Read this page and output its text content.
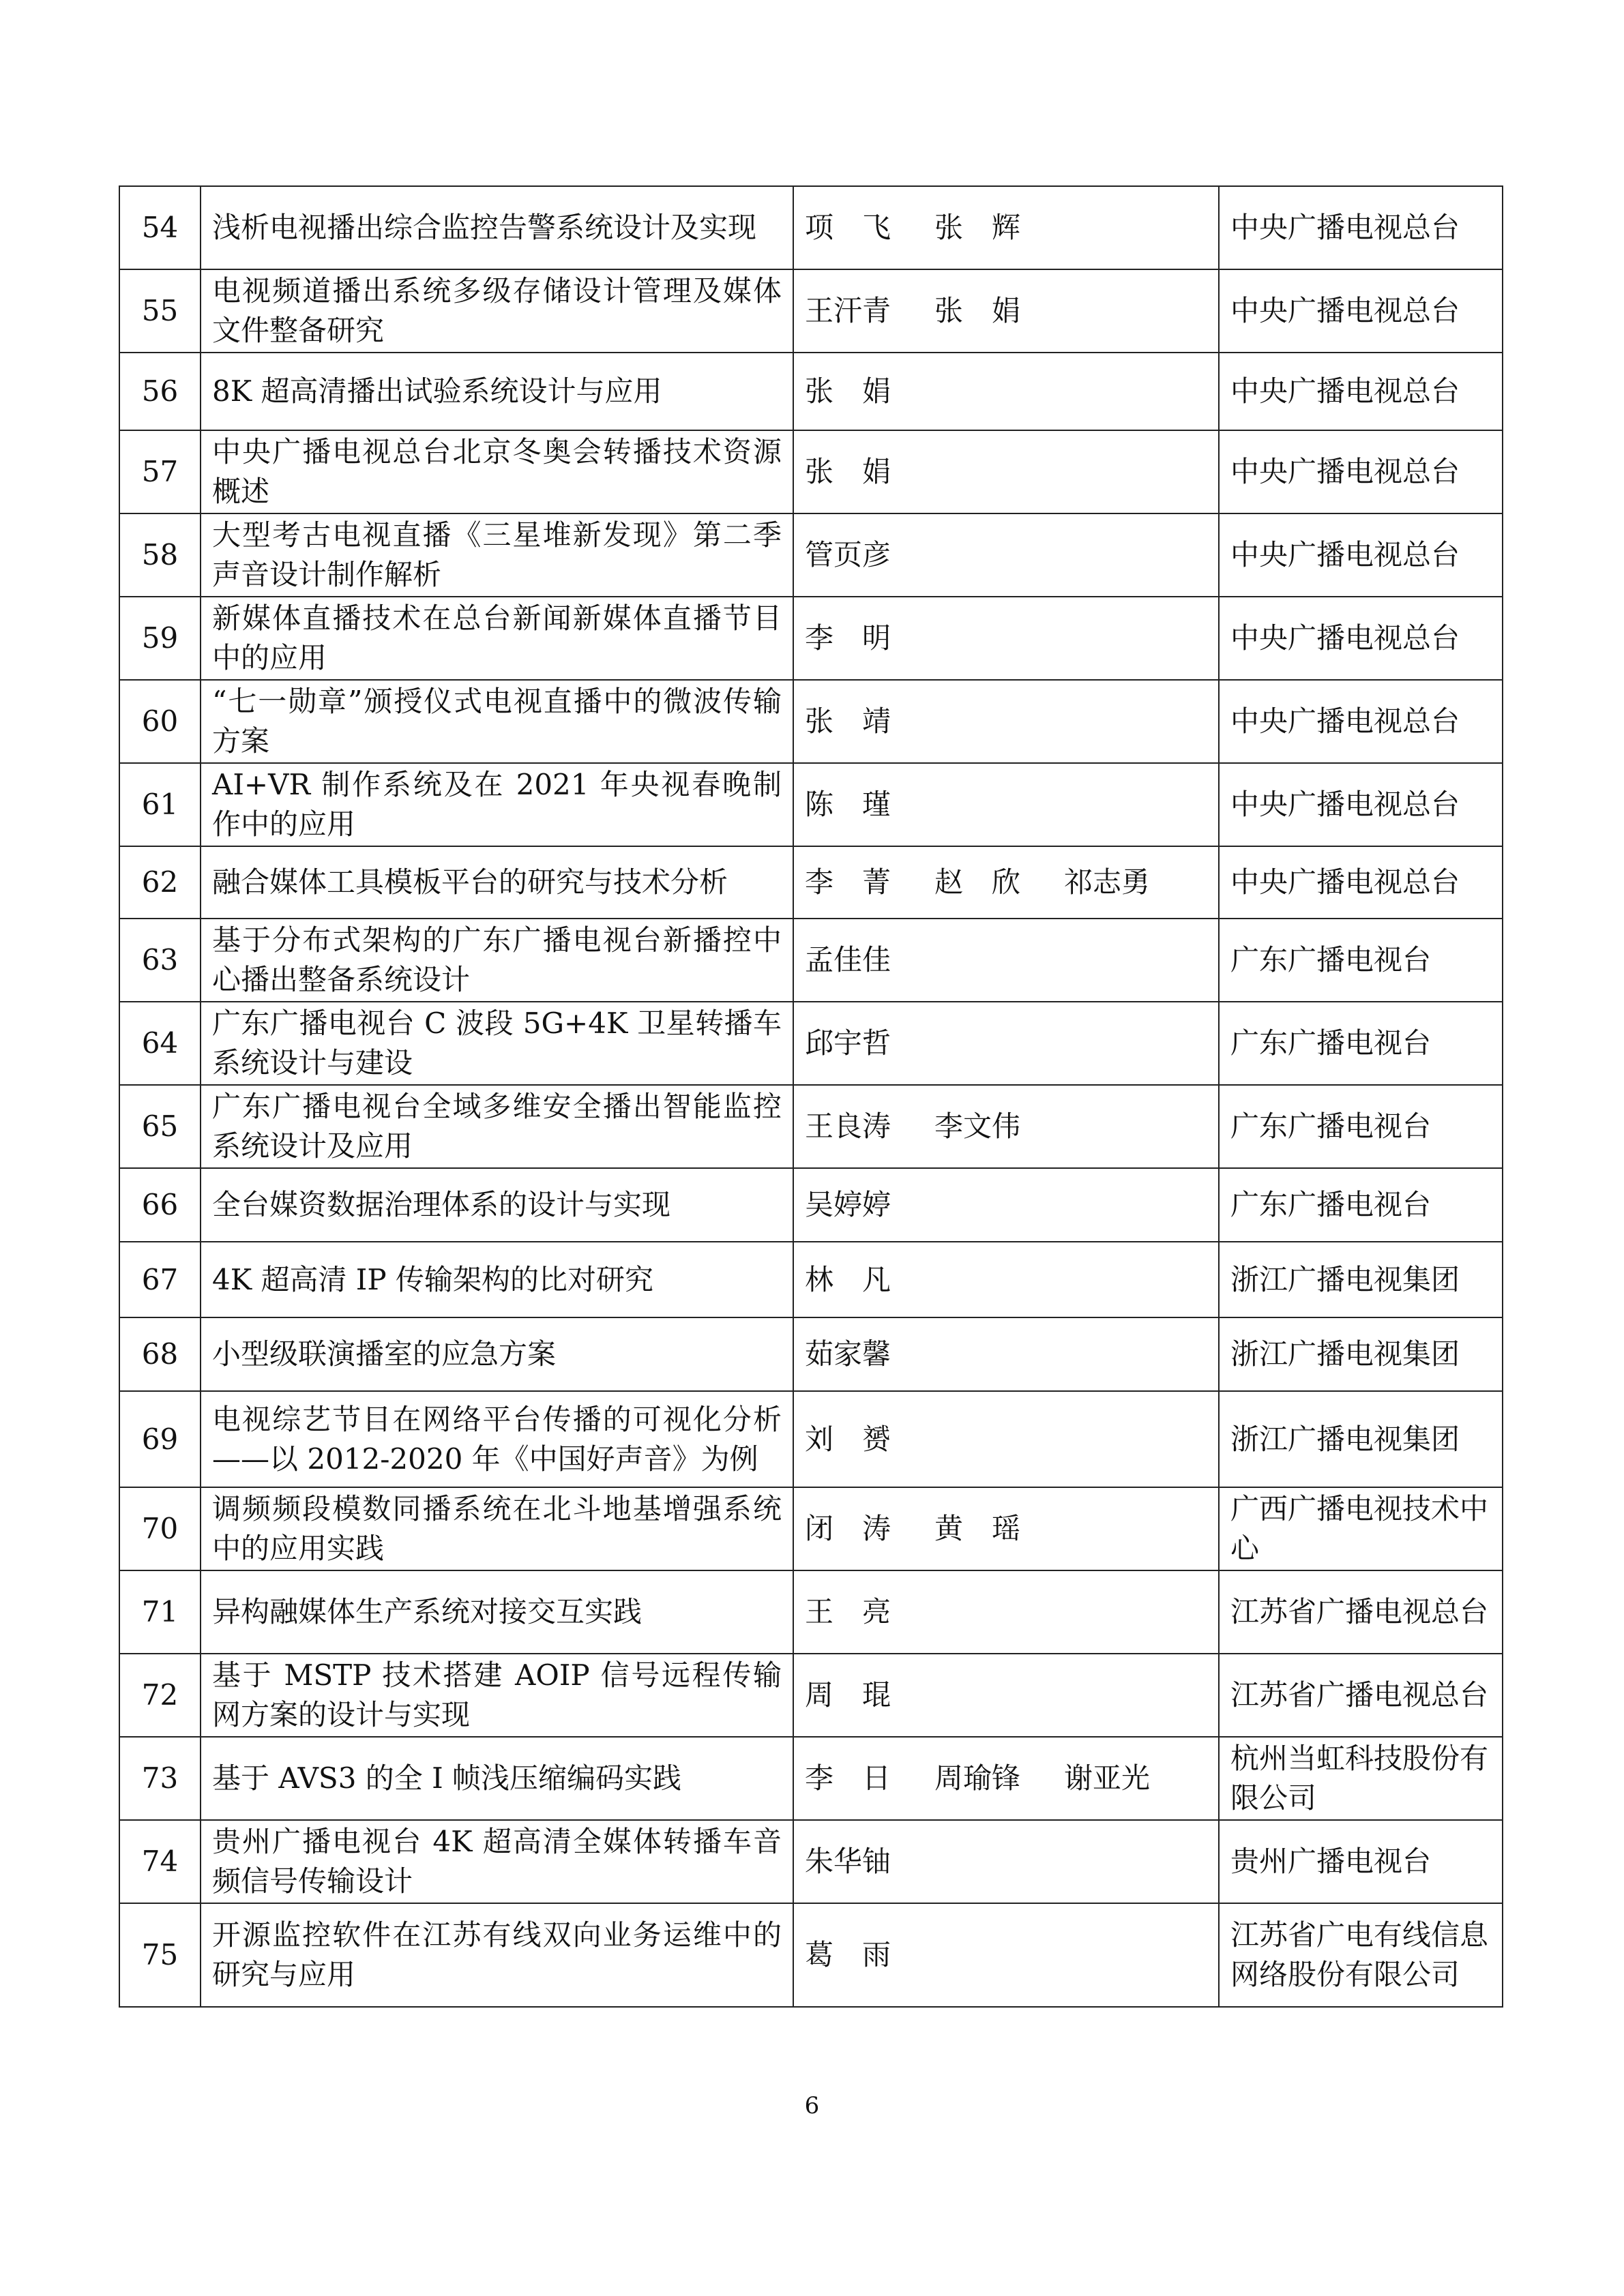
54	浅析电视播出综合监控告警系统设计及实现	项　飞 张　辉	中央广播电视总台
55	电视频道播出系统多级存储设计管理及媒体文件整备研究	王汗青 张　娟	中央广播电视总台
56	8K 超高清播出试验系统设计与应用	张　娟	中央广播电视总台
57	中央广播电视总台北京冬奥会转播技术资源概述	张　娟	中央广播电视总台
58	大型考古电视直播《三星堆新发现》第二季声音设计制作解析	管页彦	中央广播电视总台
59	新媒体直播技术在总台新闻新媒体直播节目中的应用	李　明	中央广播电视总台
60	“七一勋章”颁授仪式电视直播中的微波传输方案	张　靖	中央广播电视总台
61	AI+VR 制作系统及在 2021 年央视春晚制作中的应用	陈　瑾	中央广播电视总台
62	融合媒体工具模板平台的研究与技术分析	李　菁 赵　欣 祁志勇	中央广播电视总台
63	基于分布式架构的广东广播电视台新播控中心播出整备系统设计	孟佳佳	广东广播电视台
64	广东广播电视台 C 波段 5G+4K 卫星转播车系统设计与建设	邱宇哲	广东广播电视台
65	广东广播电视台全域多维安全播出智能监控系统设计及应用	王良涛 李文伟	广东广播电视台
66	全台媒资数据治理体系的设计与实现	吴婷婷	广东广播电视台
67	4K 超高清 IP 传输架构的比对研究	林　凡	浙江广播电视集团
68	小型级联演播室的应急方案	茹家馨	浙江广播电视集团
69	电视综艺节目在网络平台传播的可视化分析——以 2012-2020 年《中国好声音》为例	刘　赟	浙江广播电视集团
70	调频频段模数同播系统在北斗地基增强系统中的应用实践	闭　涛 黄　瑶	广西广播电视技术中心
71	异构融媒体生产系统对接交互实践	王　亮	江苏省广播电视总台
72	基于 MSTP 技术搭建 AOIP 信号远程传输网方案的设计与实现	周　琨	江苏省广播电视总台
73	基于 AVS3 的全 I 帧浅压缩编码实践	李　日 周瑜锋 谢亚光	杭州当虹科技股份有限公司
74	贵州广播电视台 4K 超高清全媒体转播车音频信号传输设计	朱华铀	贵州广播电视台
75	开源监控软件在江苏有线双向业务运维中的研究与应用	葛　雨	江苏省广电有线信息网络股份有限公司
6
